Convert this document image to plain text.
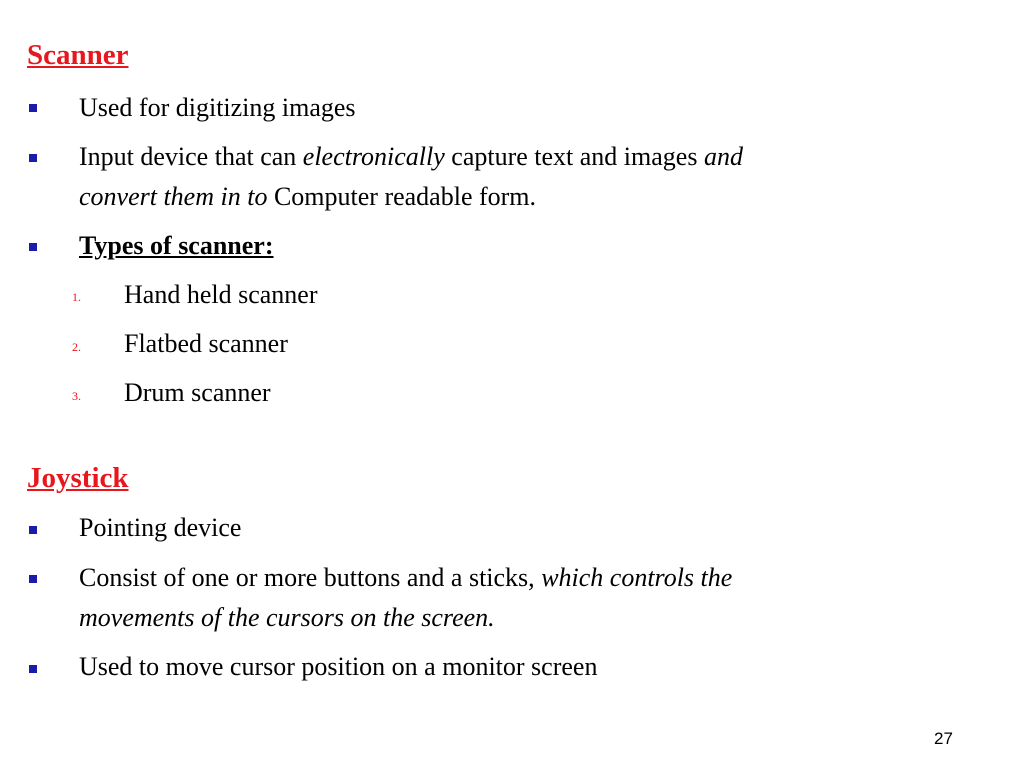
Scanner
Used for digitizing images
Input device that can electronically capture text and images and
convert them in to Computer readable form.
Types of scanner:
1. Hand held scanner
2. Flatbed scanner
3. Drum scanner
Joystick
Pointing device
Consist of one or more buttons and a sticks, which controls the
movements of the cursors on the screen.
Used to move cursor position on a monitor screen
27
